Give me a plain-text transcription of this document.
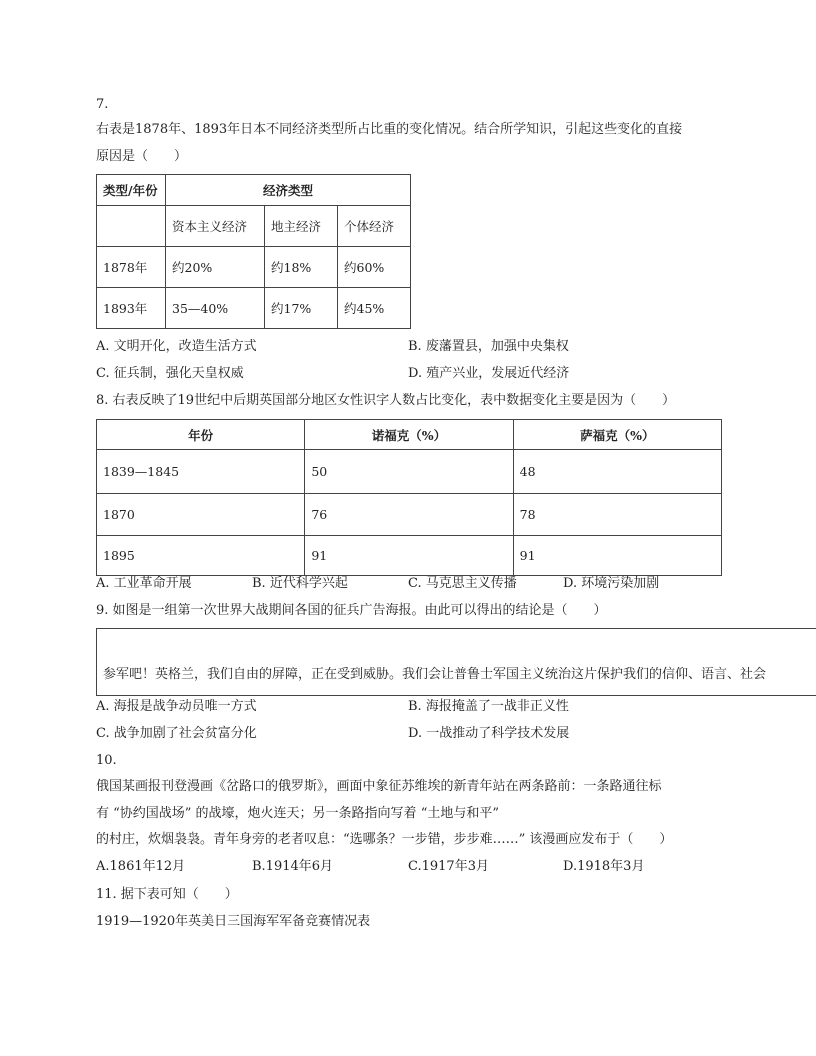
7.
右表是1878年、1893年日本不同经济类型所占比重的变化情况。结合所学知识，引起这些变化的直接
原因是（　　）
类型/年份	经济类型		
	资本主义经济	地主经济	个体经济
1878年	约20%	约18%	约60%
1893年	35—40%	约17%	约45%
A. 文明开化，改造生活方式	B. 废藩置县，加强中央集权
C. 征兵制，强化天皇权威	D. 殖产兴业，发展近代经济
8. 右表反映了19世纪中后期英国部分地区女性识字人数占比变化，表中数据变化主要是因为（　　）
年份	诺福克（%）	萨福克（%）
1839—1845	50	48
1870	76	78
1895	91	91
A. 工业革命开展	B. 近代科学兴起	C. 马克思主义传播	D. 环境污染加剧
9. 如图是一组第一次世界大战期间各国的征兵广告海报。由此可以得出的结论是（　　）
参军吧！英格兰，我们自由的屏障，正在受到威胁。我们会让普鲁士军国主义统治这片保护我们的信仰、语言、社会
A. 海报是战争动员唯一方式	B. 海报掩盖了一战非正义性
C. 战争加剧了社会贫富分化	D. 一战推动了科学技术发展
10.
俄国某画报刊登漫画《岔路口的俄罗斯》，画面中象征苏维埃的新青年站在两条路前：一条路通往标
有 “协约国战场” 的战壕，炮火连天；另一条路指向写着 “土地与和平”
的村庄，炊烟袅袅。青年身旁的老者叹息：“选哪条？一步错，步步难……” 该漫画应发布于（　　）
A.1861年12月	B.1914年6月	C.1917年3月	D.1918年3月
11. 据下表可知（　　）
1919—1920年英美日三国海军军备竞赛情况表
